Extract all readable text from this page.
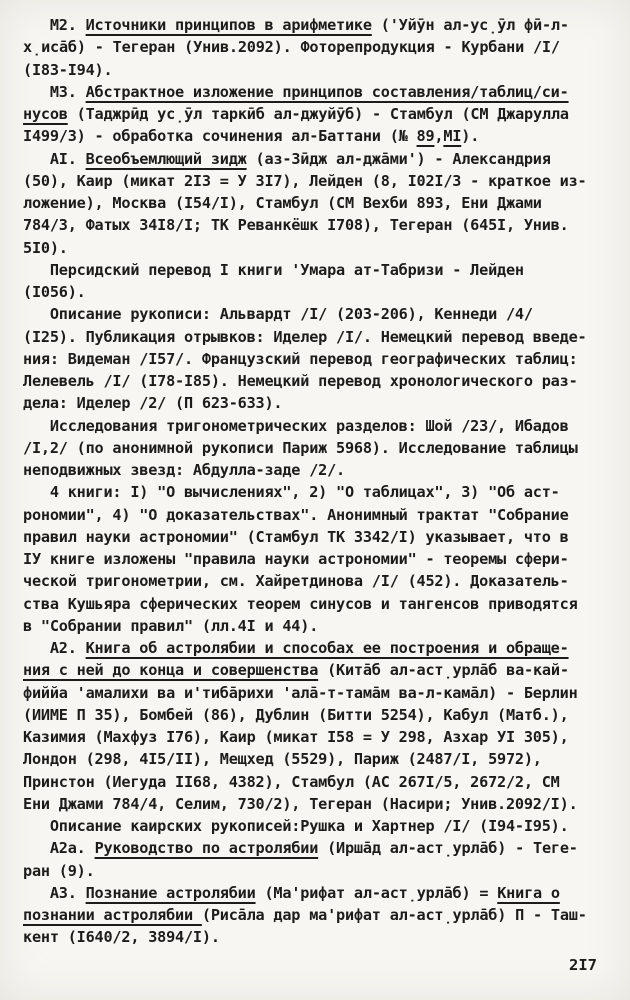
М2. Источники принципов в арифметике ('Уйӯн ал-ус̣ӯл фӣ-л-
х̣иса̄б) - Тегеран (Унив.2092). Фоторепродукция - Курбани /I/
(I83-I94).
М3. Абстрактное изложение принципов составления/таблиц/си-
нусов (Таджрӣд ус̣ӯл таркӣб ал-джуйӯб) - Стамбул (СМ Джарулла
I499/3) - обработка сочинения ал-Баттани (№ 89,МI).
АI. Всеобъемлющий зидж (аз-Зӣдж ал-джа̄ми') - Александрия
(50), Каир (микат 2I3 = У 3I7), Лейден (8, I02I/3 - краткое из-
ложение), Москва (I54/I), Стамбул (СМ Вехби 893, Ени Джами
784/3, Фатых 34I8/I; ТК Реванкёшк I708), Тегеран (645I, Унив.
5I0).
Персидский перевод I книги 'Умара ат-Табризи - Лейден
(I056).
Описание рукописи: Альвардт /I/ (203-206), Кеннеди /4/
(I25). Публикация отрывков: Иделер /I/. Немецкий перевод введе-
ния: Видеман /I57/. Французский перевод географических таблиц:
Лелевель /I/ (I78-I85). Немецкий перевод хронологического раз-
дела: Иделер /2/ (П 623-633).
Исследования тригонометрических разделов: Шой /23/, Ибадов
/I,2/ (по анонимной рукописи Париж 5968). Исследование таблицы
неподвижных звезд: Абдулла-заде /2/.
4 книги: I) "О вычислениях", 2) "О таблицах", 3) "Об аст-
рономии", 4) "О доказательствах". Анонимный трактат "Собрание
правил науки астрономии" (Стамбул ТК 3342/I) указывает, что в
IУ книге изложены "правила науки астрономии" - теоремы сфери-
ческой тригонометрии, см. Хайретдинова /I/ (452). Доказатель-
ства Кушьяра сферических теорем синусов и тангенсов приводятся
в "Собрании правил" (лл.4I и 44).
А2. Книга об астролябии и способах ее построения и обраще-
ния с ней до конца и совершенства (Кита̄б ал-аст̣урла̄б ва-кай-
фиййа 'амалихи ва и'тиба̄рихи 'ала̄-т-тама̄м ва-л-кама̄л) - Берлин
(ИИМЕ П 35), Бомбей (86), Дублин (Битти 5254), Кабул (Матб.),
Казимия (Махфуз I76), Каир (микат I58 = У 298, Азхар УI 305),
Лондон (298, 4I5/II), Мещхед (5529), Париж (2487/I, 5972),
Принстон (Иегуда II68, 4382), Стамбул (АС 267I/5, 2672/2, СМ
Ени Джами 784/4, Селим, 730/2), Тегеран (Насири; Унив.2092/I).
Описание каирских рукописей:Рушка и Хартнер /I/ (I94-I95).
А2а. Руководство по астролябии (Ирша̄д ал-аст̣урла̄б) - Теге-
ран (9).
А3. Познание астролябии (Ма'рифат ал-аст̣урла̄б) = Книга о
познании астролябии (Риса̄ла дар ма'рифат ал-аст̣урла̄б) П - Таш-
кент (I640/2, 3894/I).
2I7
